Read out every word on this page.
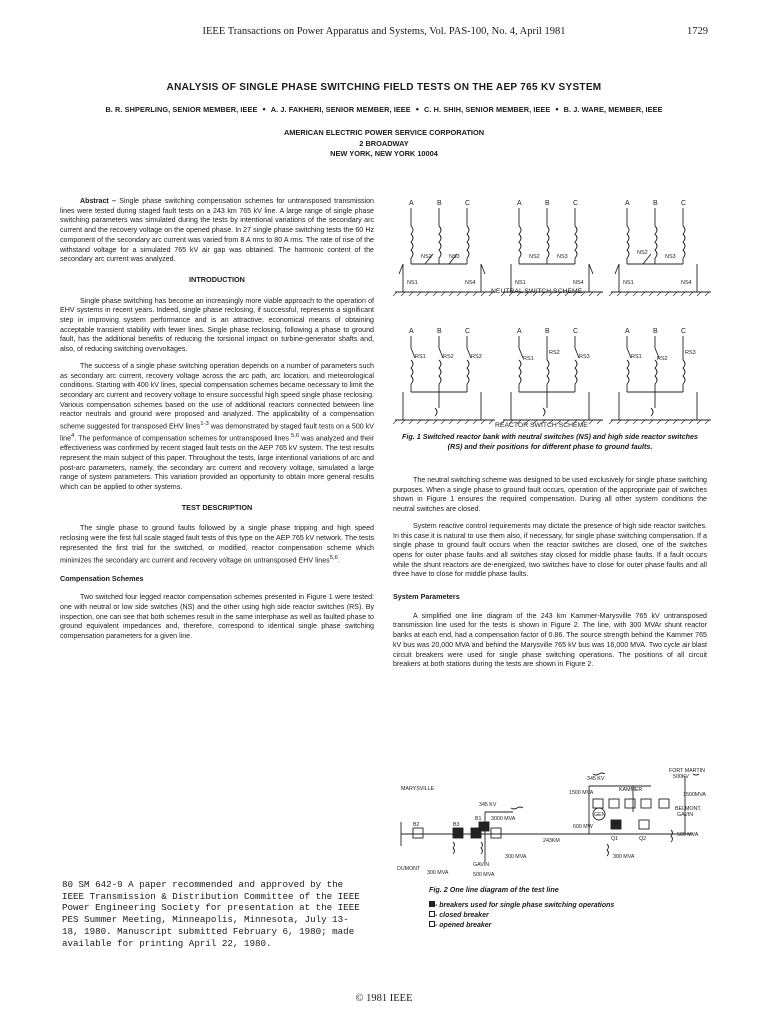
IEEE Transactions on Power Apparatus and Systems, Vol. PAS-100, No. 4, April 1981	1729
ANALYSIS OF SINGLE PHASE SWITCHING FIELD TESTS ON THE AEP 765 KV SYSTEM
B. R. SHPERLING, SENIOR MEMBER, IEEE • A. J. FAKHERI, SENIOR MEMBER, IEEE • C. H. SHIH, SENIOR MEMBER, IEEE • B. J. WARE, MEMBER, IEEE
AMERICAN ELECTRIC POWER SERVICE CORPORATION
2 BROADWAY
NEW YORK, NEW YORK 10004

Abstract – Single phase switching compensation schemes for untransposed transmission lines were tested during staged fault tests on a 243 km 765 kV line. A large range of single phase switching parameters was simulated during the tests by intentional variations of the secondary arc current and the recovery voltage on the opened phase. In 27 single phase switching tests the 60 Hz component of the secondary arc current was varied from 8 A rms to 80 A rms. The rate of rise of the withstand voltage for a simulated 765 kV air gap was obtained. The harmonic content of the secondary arc current was analyzed.

INTRODUCTION

Single phase switching has become an increasingly more viable approach to the operation of EHV systems in recent years. Indeed, single phase reclosing, if successful, represents a significant step in improving system performance and is an attractive, economical means of obtaining acceptable transient stability with fewer lines. Single phase reclosing, following a phase to ground fault, has the additional benefits of reducing the torsional impact on turbine-generator shafts and, also, of reducing switching overvoltages.

The success of a single phase switching operation depends on a number of parameters such as secondary arc current, recovery voltage across the arc path, arc location, and meteorological conditions. Starting with 400 kV lines, special compensation schemes became necessary to limit the secondary arc current and recovery voltage to ensure successful high speed single phase reclosing. Various compensation schemes based on the use of additional reactors connected between line reactor neutrals and ground were proposed and analyzed. The applicability of a compensation scheme suggested for transposed EHV lines$^{1-3}$ was demonstrated by staged fault tests on a 500 kV line$^4$. The performance of compensation schemes for untransposed lines $^{5,6}$ was analyzed and their effectiveness was confirmed by recent staged fault tests on the AEP 765 kV system. The test results represent the main subject of this paper. Throughout the tests, large intentional variations of arc and post-arc parameters, namely, the secondary arc current and recovery voltage, simulated a large range of system parameters. This variation provided an opportunity to obtain more general results which can be applied to other systems.

TEST DESCRIPTION

The single phase to ground faults followed by a single phase tripping and high speed reclosing were the first full scale staged fault tests of this type on the AEP 765 kV network. The tests represented the first trial for the switched, or modified, reactor compensation scheme which minimizes the secondary arc current and recovery voltage on untransposed EHV lines$^{5,6}$.

Compensation Schemes

Two switched four legged reactor compensation schemes presented in Figure 1 were tested: one with neutral or low side switches (NS) and the other using high side reactor switches (RS). By inspection, one can see that both schemes result in the same interphase as well as faulted phase to ground equivalent impedances and, therefore, correspond to identical single phase switching compensation parameters for a given line.

80 SM 642-9 A paper recommended and approved by the IEEE Transmission & Distribution Committee of the IEEE Power Engineering Society for presentation at the IEEE PES Summer Meeting, Minneapolis, Minnesota, July 13-18, 1980. Manuscript submitted February 6, 1980; made available for printing April 22, 1980.
A	B	C	A	B	C	A	B	C
A	B	C	A	B	C	A	B	C
NS1
NS2	NS3
NS4	NS1
NS2	NS3
NS4	NS1
NS2
NS3
NS4
RS1	RS2	RS3	RS1
RS2
RS3	RS1	RS2
RS3
NEUTRAL SWITCH SCHEME
REACTOR SWITCH SCHEME
Fig. 1 Switched reactor bank with neutral switches (NS) and high side reactor switches (RS) and their positions for different phase to ground faults.

The neutral switching scheme was designed to be used exclusively for single phase switching purposes. When a single phase to ground fault occurs, operation of the appropriate pair of switches shown in Figure 1 ensures the required compensation. During all other system conditions the neutral switches are closed.

System reactive control requirements may dictate the presence of high side reactor switches. In this case it is natural to use them also, if necessary, for single phase switching compensation. If a single phase to ground fault occurs when the reactor switches are closed, one of the switches opens for outer phase faults and all switches stay closed for middle phase faults. If a fault occurs while the shunt reactors are de-energized, two switches have to close for outer phase faults and all three have to close for middle phase faults.

System Parameters

A simplified one line diagram of the 243 km Kammer-Marysville 765 kV untransposed transmission line used for the tests is shown in Figure 2. The line, with 300 MVAr shunt reactor banks at each end, had a compensation factor of 0.86. The source strength behind the Kammer 765 kV bus was 20,000 MVA and behind the Marysville 765 kV bus was 16,000 MVA. Two cycle air blast circuit breakers were used for single phase switching operations. The positions of all circuit breakers at both stations during the tests are shown in Figure 2.

MARYSVILLE	KAMMER
FORT MARTIN
500KV
1500MVA
345 KV
1500 MVA
345 KV
3000 MVA
B1
B2	B3
Q1	Q2
GEN
600 MW
243KM
BELMONT,
GAVIN
500 MVA
DUMONT
300 MVA
300 MVA
GAVIN
500 MVA
300 MVA
Fig. 2 One line diagram of the test line
- breakers used for single phase switching operations
- closed breaker
- opened breaker
© 1981 IEEE
